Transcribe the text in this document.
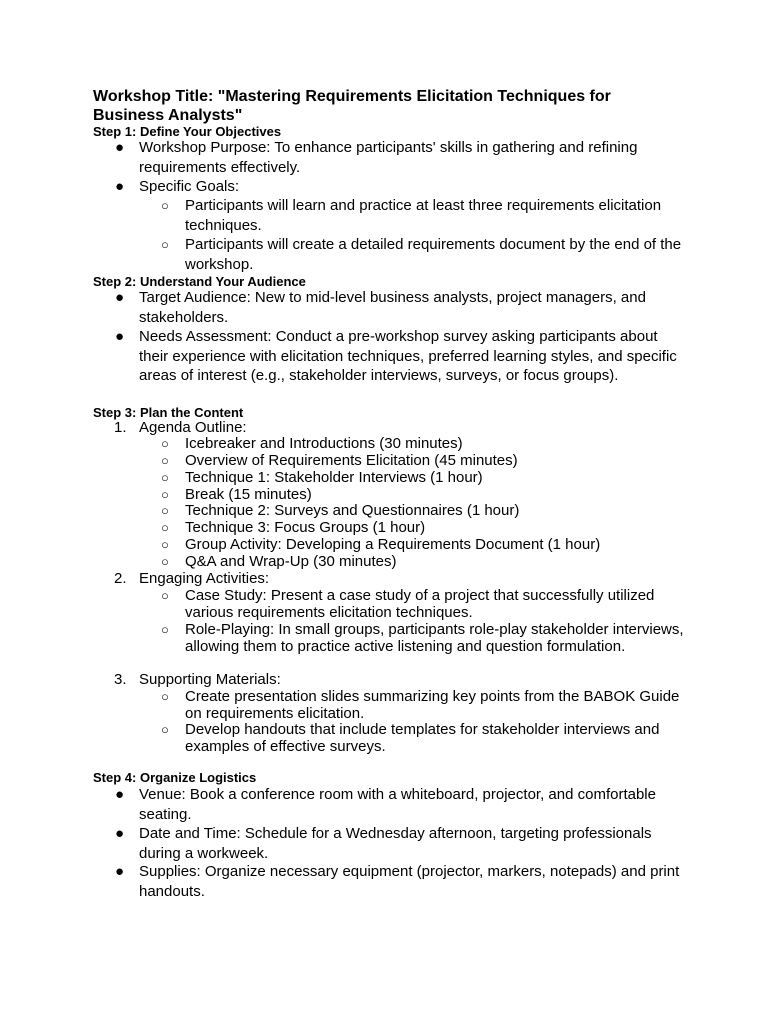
Workshop Title: "Mastering Requirements Elicitation Techniques for Business Analysts"

Step 1: Define Your Objectives

● Workshop Purpose: To enhance participants' skills in gathering and refining requirements effectively.
● Specific Goals:
○ Participants will learn and practice at least three requirements elicitation techniques.
○ Participants will create a detailed requirements document by the end of the workshop.

Step 2: Understand Your Audience

● Target Audience: New to mid-level business analysts, project managers, and stakeholders.
● Needs Assessment: Conduct a pre-workshop survey asking participants about their experience with elicitation techniques, preferred learning styles, and specific areas of interest (e.g., stakeholder interviews, surveys, or focus groups).

Step 3: Plan the Content

1. Agenda Outline:
○ Icebreaker and Introductions (30 minutes)
○ Overview of Requirements Elicitation (45 minutes)
○ Technique 1: Stakeholder Interviews (1 hour)
○ Break (15 minutes)
○ Technique 2: Surveys and Questionnaires (1 hour)
○ Technique 3: Focus Groups (1 hour)
○ Group Activity: Developing a Requirements Document (1 hour)
○ Q&A and Wrap-Up (30 minutes)
2. Engaging Activities:
○ Case Study: Present a case study of a project that successfully utilized various requirements elicitation techniques.
○ Role-Playing: In small groups, participants role-play stakeholder interviews, allowing them to practice active listening and question formulation.
3. Supporting Materials:
○ Create presentation slides summarizing key points from the BABOK Guide on requirements elicitation.
○ Develop handouts that include templates for stakeholder interviews and examples of effective surveys.

Step 4: Organize Logistics

● Venue: Book a conference room with a whiteboard, projector, and comfortable seating.
● Date and Time: Schedule for a Wednesday afternoon, targeting professionals during a workweek.
● Supplies: Organize necessary equipment (projector, markers, notepads) and print handouts.
